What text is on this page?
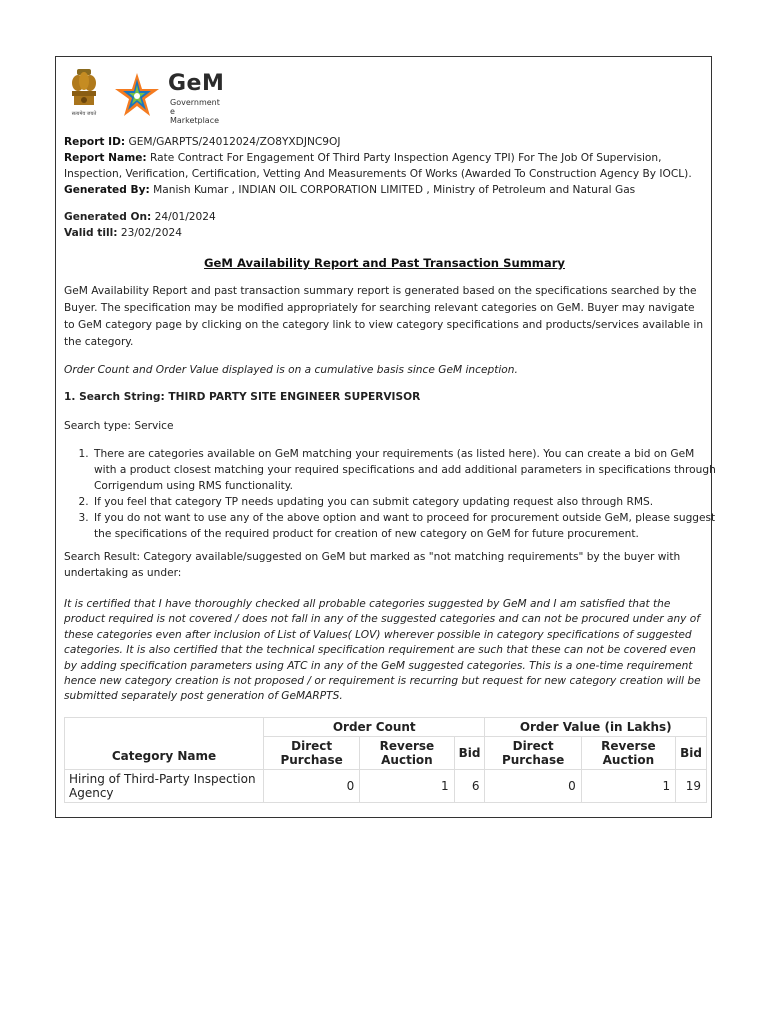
सत्यमेव जयते
GeM
Government
e Marketplace
Report ID: GEM/GARPTS/24012024/ZO8YXDJNC9OJ
Report Name: Rate Contract For Engagement Of Third Party Inspection Agency TPI) For The Job Of Supervision, Inspection, Verification, Certification, Vetting And Measurements Of Works (Awarded To Construction Agency By IOCL).
Generated By: Manish Kumar , INDIAN OIL CORPORATION LIMITED , Ministry of Petroleum and Natural Gas
Generated On: 24/01/2024
Valid till: 23/02/2024
GeM Availability Report and Past Transaction Summary
GeM Availability Report and past transaction summary report is generated based on the specifications searched by the Buyer. The specification may be modified appropriately for searching relevant categories on GeM. Buyer may navigate to GeM category page by clicking on the category link to view category specifications and products/services available in the category.
Order Count and Order Value displayed is on a cumulative basis since GeM inception.
1. Search String: THIRD PARTY SITE ENGINEER SUPERVISOR
Search type: Service
1. There are categories available on GeM matching your requirements (as listed here). You can create a bid on GeM with a product closest matching your required specifications and add additional parameters in specifications through Corrigendum using RMS functionality.
2. If you feel that category TP needs updating you can submit category updating request also through RMS.
3. If you do not want to use any of the above option and want to proceed for procurement outside GeM, please suggest the specifications of the required product for creation of new category on GeM for future procurement.
Search Result: Category available/suggested on GeM but marked as "not matching requirements" by the buyer with undertaking as under:
It is certified that I have thoroughly checked all probable categories suggested by GeM and I am satisfied that the product required is not covered / does not fall in any of the suggested categories and can not be procured under any of these categories even after inclusion of List of Values( LOV) wherever possible in category specifications of suggested categories. It is also certified that the technical specification requirement are such that these can not be covered even by adding specification parameters using ATC in any of the GeM suggested categories. This is a one-time requirement hence new category creation is not proposed / or requirement is recurring but request for new category creation will be submitted separately post generation of GeMARPTS.
Category Name	Order Count			Order Value (in Lakhs)		
	Direct Purchase	Reverse Auction	Bid	Direct Purchase	Reverse Auction	Bid
Hiring of Third-Party Inspection Agency	0	1	6	0	1	19
